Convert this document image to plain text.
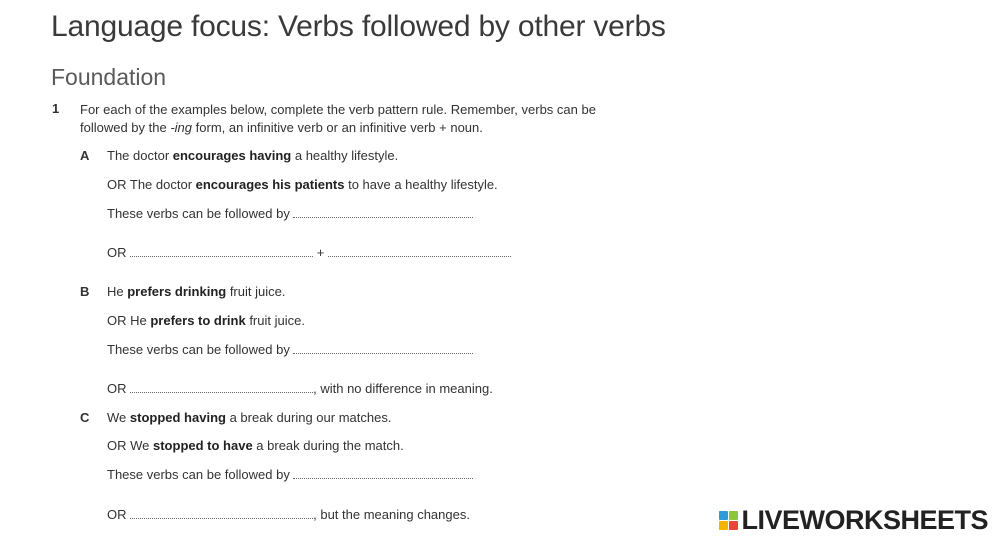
Language focus: Verbs followed by other verbs
Foundation
1 For each of the examples below, complete the verb pattern rule. Remember, verbs can be followed by the -ing form, an infinitive verb or an infinitive verb + noun.
A The doctor encourages having a healthy lifestyle.
OR The doctor encourages his patients to have a healthy lifestyle.
These verbs can be followed by
OR	+
B He prefers drinking fruit juice.
OR He prefers to drink fruit juice.
These verbs can be followed by
OR	, with no difference in meaning.
C We stopped having a break during our matches.
OR We stopped to have a break during the match.
These verbs can be followed by
OR	, but the meaning changes.	LIVEWORKSHEETS
